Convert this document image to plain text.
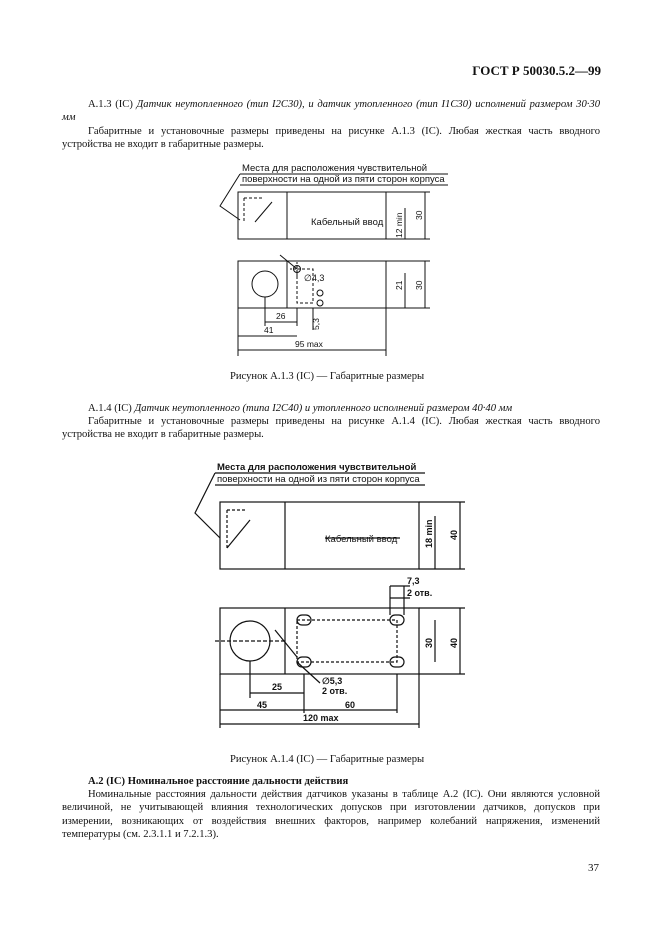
ГОСТ Р 50030.5.2—99
А.1.3 (IC) Датчик неутопленного (тип I2C30), и датчик утопленного (тип I1C30) исполнений размером 30·30 мм
Габаритные и установочные размеры приведены на рисунке А.1.3 (IC). Любая жесткая часть вводного устройства не входит в габаритные размеры.
Места для расположения чувствительной
поверхности на одной из пяти сторон корпуса
Кабельный ввод 12 min 30
∅4,3
21 30
26
5,3
41
95 max
Рисунок А.1.3 (IC) — Габаритные размеры
А.1.4 (IC) Датчик неутопленного (типа I2C40) и утопленного исполнений размером 40·40 мм
Габаритные и установочные размеры приведены на рисунке А.1.4 (IC). Любая жесткая часть вводного устройства не входит в габаритные размеры.
Места для расположения чувствительной
поверхности на одной из пяти сторон корпуса
Кабельный ввод	18 min 40
7,3
2 отв.
30 40
∅5,3
2 отв.
25
45	60
120 max
Рисунок А.1.4 (IC) — Габаритные размеры
А.2 (IC) Номинальное расстояние дальности действия
Номинальные расстояния дальности действия датчиков указаны в таблице А.2 (IC). Они являются условной величиной, не учитывающей влияния технологических допусков при изготовлении датчиков, допусков при измерении, возникающих от воздействия внешних факторов, например колебаний напряжения, изменений температуры (см. 2.3.1.1 и 7.2.1.3).
37
